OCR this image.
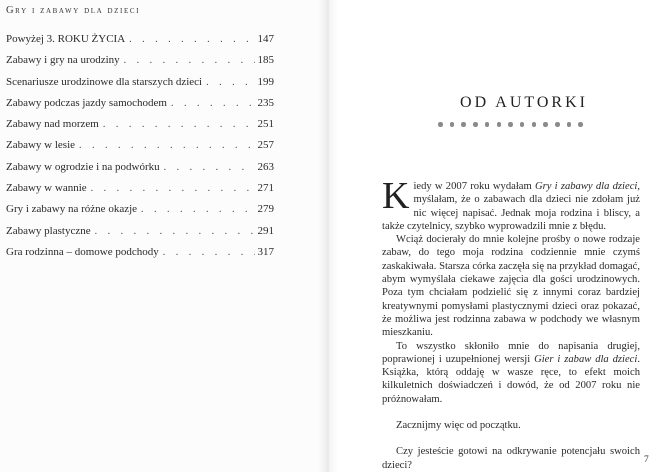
Gry i zabawy dla dzieci
Powyżej 3. ROKU ŻYCIA . . .	147
Zabawy i gry na urodziny . . .	185
Scenariusze urodzinowe dla starszych dzieci . . .	199
Zabawy podczas jazdy samochodem . . .	235
Zabawy nad morzem . . .	251
Zabawy w lesie . . .	257
Zabawy w ogrodzie i na podwórku . . .	263
Zabawy w wannie . . .	271
Gry i zabawy na różne okazje . . .	279
Zabawy plastyczne . . .	291
Gra rodzinna – domowe podchody . . .	317
OD AUTORKI

Kiedy w 2007 roku wydałam Gry i zabawy dla dzieci, myślałam, że o zabawach dla dzieci nie zdołam już nic więcej napisać. Jednak moja rodzina i bliscy, a także czytelnicy, szybko wyprowadzili mnie z błędu.

Wciąż docierały do mnie kolejne prośby o nowe rodzaje zabaw, do tego moja rodzina codziennie mnie czymś zaskakiwała. Starsza córka zaczęła się na przykład domagać, abym wymyślała ciekawe zajęcia dla gości urodzinowych. Poza tym chciałam podzielić się z innymi coraz bardziej kreatywnymi pomysłami plastycznymi dzieci oraz pokazać, że możliwa jest rodzinna zabawa w podchody we własnym mieszkaniu.

To wszystko skłoniło mnie do napisania drugiej, poprawionej i uzupełnionej wersji Gier i zabaw dla dzieci. Książka, którą oddaję w wasze ręce, to efekt moich kilkuletnich doświadczeń i dowód, że od 2007 roku nie próżnowałam.

Zacznijmy więc od początku.

Czy jesteście gotowi na odkrywanie potencjału swoich dzieci?	7
